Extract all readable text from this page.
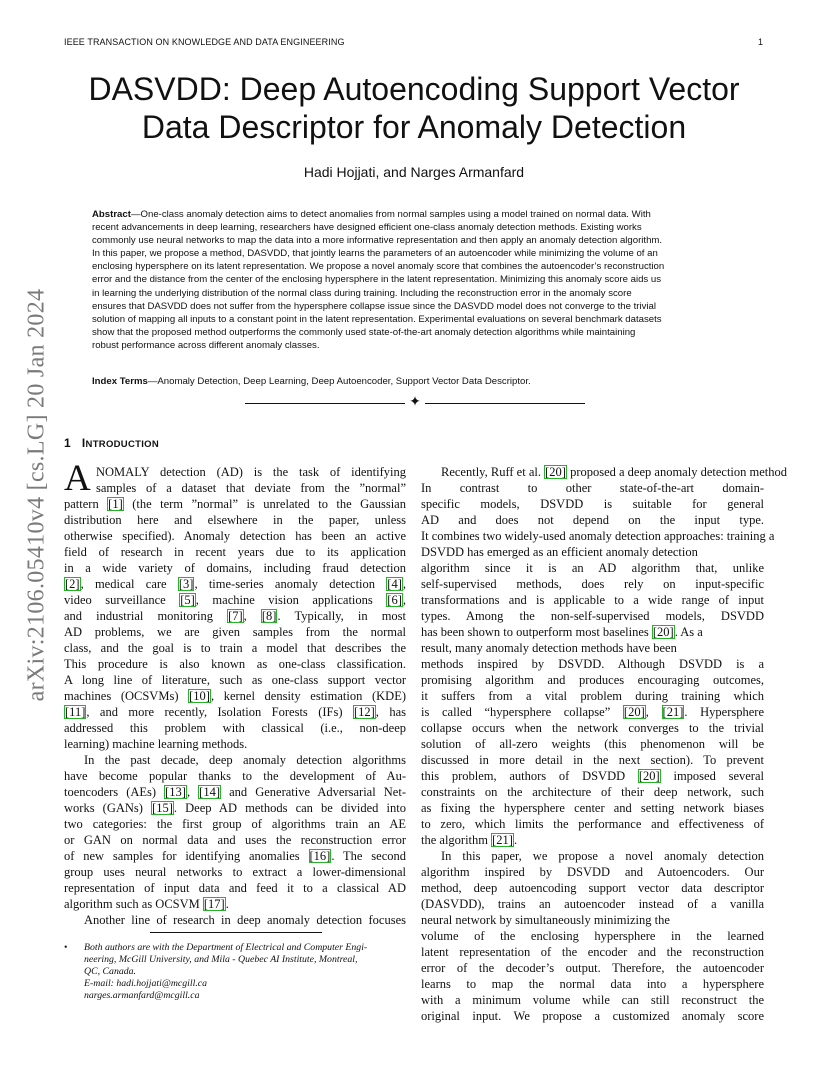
IEEE TRANSACTION ON KNOWLEDGE AND DATA ENGINEERING	1
arXiv:2106.05410v4 [cs.LG] 20 Jan 2024
DASVDD: Deep Autoencoding Support Vector
Data Descriptor for Anomaly Detection
Hadi Hojjati, and Narges Armanfard
Abstract—One-class anomaly detection aims to detect anomalies from normal samples using a model trained on normal data. With
recent advancements in deep learning, researchers have designed efficient one-class anomaly detection methods. Existing works
commonly use neural networks to map the data into a more informative representation and then apply an anomaly detection algorithm.
In this paper, we propose a method, DASVDD, that jointly learns the parameters of an autoencoder while minimizing the volume of an
enclosing hypersphere on its latent representation. We propose a novel anomaly score that combines the autoencoder’s reconstruction
error and the distance from the center of the enclosing hypersphere in the latent representation. Minimizing this anomaly score aids us
in learning the underlying distribution of the normal class during training. Including the reconstruction error in the anomaly score
ensures that DASVDD does not suffer from the hypersphere collapse issue since the DASVDD model does not converge to the trivial
solution of mapping all inputs to a constant point in the latent representation. Experimental evaluations on several benchmark datasets
show that the proposed method outperforms the commonly used state-of-the-art anomaly detection algorithms while maintaining
robust performance across different anomaly classes.
Index Terms—Anomaly Detection, Deep Learning, Deep Autoencoder, Support Vector Data Descriptor.
✦
1 INTRODUCTION
A NOMALY detection (AD) is the task of identifying
samples of a dataset that deviate from the ”normal”
pattern [1] (the term ”normal” is unrelated to the Gaussian
distribution here and elsewhere in the paper, unless
otherwise specified). Anomaly detection has been an active
field of research in recent years due to its application
in a wide variety of domains, including fraud detection
[2], medical care [3], time-series anomaly detection [4],
video surveillance [5], machine vision applications [6],
and industrial monitoring [7], [8]. Typically, in most
AD problems, we are given samples from the normal
class, and the goal is to train a model that describes the
This procedure is also known as one-class classification.
A long line of literature, such as one-class support vector
machines (OCSVMs) [10], kernel density estimation (KDE)
[11], and more recently, Isolation Forests (IFs) [12], has
addressed this problem with classical (i.e., non-deep
learning) machine learning methods.
In the past decade, deep anomaly detection algorithms
have become popular thanks to the development of Au-
toencoders (AEs) [13], [14] and Generative Adversarial Net-
works (GANs) [15]. Deep AD methods can be divided into
two categories: the first group of algorithms train an AE
or GAN on normal data and uses the reconstruction error
of new samples for identifying anomalies [16]. The second
group uses neural networks to extract a lower-dimensional
representation of input data and feed it to a classical AD
algorithm such as OCSVM [17].
Another line of research in deep anomaly detection focuses
Recently, Ruff et al. [20] proposed a deep anomaly detection method
In contrast to other state-of-the-art domain-
specific models, DSVDD is suitable for general
AD and does not depend on the input type.
It combines two widely-used anomaly detection approaches: training a
DSVDD has emerged as an efficient anomaly detection
algorithm since it is an AD algorithm that, unlike
self-supervised methods, does rely on input-specific
transformations and is applicable to a wide range of input
types. Among the non-self-supervised models, DSVDD
has been shown to outperform most baselines [20]. As a
result, many anomaly detection methods have been
methods inspired by DSVDD. Although DSVDD is a
promising algorithm and produces encouraging outcomes,
it suffers from a vital problem during training which
is called “hypersphere collapse” [20], [21]. Hypersphere
collapse occurs when the network converges to the trivial
solution of all-zero weights (this phenomenon will be
discussed in more detail in the next section). To prevent
this problem, authors of DSVDD [20] imposed several
constraints on the architecture of their deep network, such
as fixing the hypersphere center and setting network biases
to zero, which limits the performance and effectiveness of
the algorithm [21].
In this paper, we propose a novel anomaly detection
algorithm inspired by DSVDD and Autoencoders. Our
method, deep autoencoding support vector data descriptor
(DASVDD), trains an autoencoder instead of a vanilla
neural network by simultaneously minimizing the
volume of the enclosing hypersphere in the learned
latent representation of the encoder and the reconstruction
error of the decoder’s output. Therefore, the autoencoder
learns to map the normal data into a hypersphere
with a minimum volume while can still reconstruct the
original input. We propose a customized anomaly score
• Both authors are with the Department of Electrical and Computer Engi-
neering, McGill University, and Mila - Quebec AI Institute, Montreal,
QC, Canada.
E-mail: hadi.hojjati@mcgill.ca
narges.armanfard@mcgill.ca
